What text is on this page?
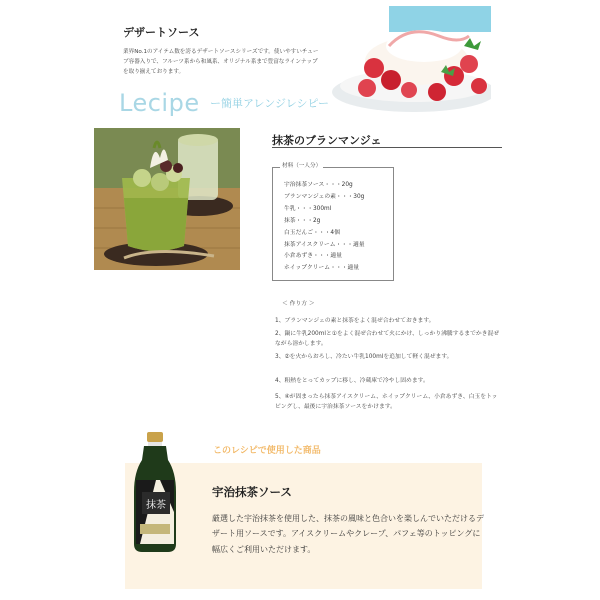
デザートソース
業界No.1のアイテム数を誇るデザートソースシリーズです。使いやすいチューブ容器入りで、フルーツ系から和風系、オリジナル系まで豊富なラインナップを取り揃えております。
Lecipe ー簡単アレンジレシピー
抹茶のブランマンジェ
材料（一人分）
宇治抹茶ソース・・・20g
ブランマンジェの素・・・30g
牛乳・・・300ml
抹茶・・・2g
白玉だんご・・・4個
抹茶アイスクリーム・・・適量
小倉あずき・・・適量
ホイップクリーム・・・適量
＜ 作り方 ＞
1、ブランマンジェの素と抹茶をよく混ぜ合わせておきます。
2、鍋に牛乳200mlと①をよく混ぜ合わせて火にかけ、しっかり沸騰するまでかき混ぜながら溶かします。
3、②を火からおろし、冷たい牛乳100mlを追加して軽く混ぜます。
4、粗熱をとってカップに移し、冷蔵庫で冷やし固めます。
5、④が固まったら抹茶アイスクリーム、ホイップクリーム、小倉あずき、白玉をトッピングし、最後に宇治抹茶ソースをかけます。
このレシピで使用した商品
抹茶
宇治抹茶ソース
厳選した宇治抹茶を使用した、抹茶の風味と色合いを楽しんでいただけるデザート用ソースです。アイスクリームやクレープ、パフェ等のトッピングに幅広くご利用いただけます。
